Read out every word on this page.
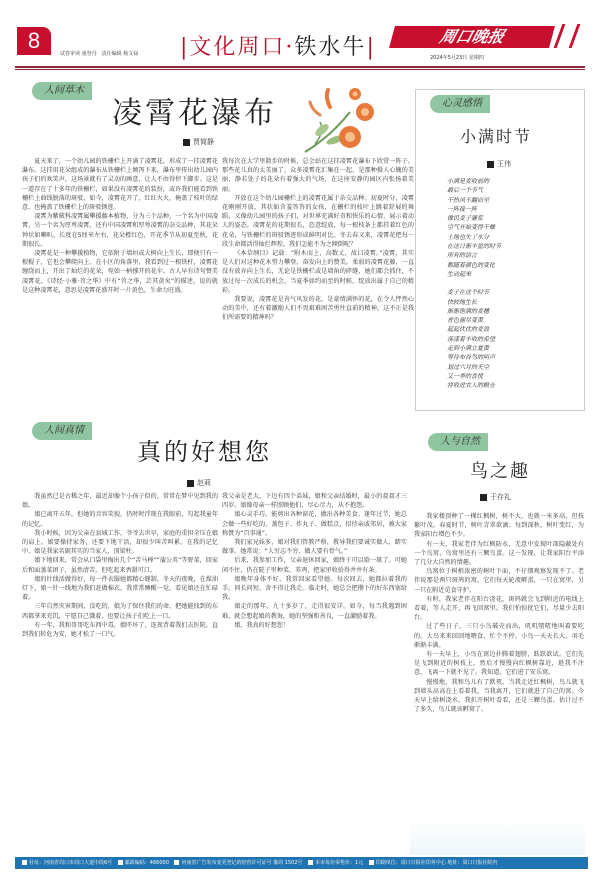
8
试卷审读 童登丹　责任编辑 杨文禄 |文化周口·铁水牛|	周口晚报
2024年5月23日 星期四
人间草木
凌霄花瀑布
贾简静

夏天来了，一个幼儿园的铁栅栏上开满了凌霄花，形成了一挂凌霄花瀑布。这挂用花朵组成的瀑布从铁栅栏上倾泻下来，瀑布里传出幼儿园内孩子们的欢笑声，这场景就有了灵动的画意，让人不由得停下脚步。这是一道存在了十多年的铁栅栏，如果没有凌霄花的装扮，或许我们能看到铁栅栏上曲线脱落的斑驳，如今，凌霄花开了，红红火火，掩盖了枝叶的绿意，也掩盖了铁栅栏上的斑驳锈迹。

凌霄为紫葳科凌霄属攀援藤本植物，分为三个品种，一个名为中国凌霄，另一个名为厚萼凌霄，还有中国凌霄和厚萼凌霄的杂交品种，其花朵钟状如喇叭，长度在5厘米左右，花朵橙红色，开花季节从初夏至秋，花期很长。

凌霄花是一种攀援植物，它依附于墙垣或大树向上生长，即便只有一根棍子，它也会攀爬向上。在小区的角落里，我看到过一根铁杆，凌霄花缠绕而上，开出了灿烂的花朵，宛如一柄撑开的花伞。古人早有诗句赞美凌霄花，《诗经·小雅·苕之华》中有“苕之华，芸其黄矣”的描述，说的就是这种凌霄花，意思是凌霄花盛开时一片黄色，生命力旺盛。

我每次在大学里散步的时候，总会站在这挂凌霄花瀑布下欣赏一阵子。那些花儿真的太美丽了，众多凌霄花汇集在一起，是那种摄人心魄的美丽，静若处子的花朵有着强大的气场，在这座安静的园区内张扬着美丽。

开放在这个幼儿园栅栏上的凌霄花属于杂交品种。初夏时分，凌霄花刚刚开放，其状如含羞答答的女孩，在栅栏的枝叶上跳着舒展的舞蹈，又像幼儿园里的孩子们，对世界充满好奇和快乐的心情，展示着动人的姿态。凌霄花的花期很长，恣意绽放，每一根枝条上都挂着红色的花朵，与铁栅栏的斑驳锈迹形成鲜明对比。冬去春又来，凌霄花把每一段生命都活得灿烂辉煌，我们怎能不为之倾倒呢？

《本草纲目》记载：“附木而上，高数丈，故曰凌霄。”凌霄，其实是人们对这种花木努力攀登、奋发向上的赞美。柔弱的凌霄花藤，一直没有放弃向上生长，无论是铁栅栏或是墙角的碎缝，她们都会抓住，不放过每一次成长的机会，当夏季如约而至的时候，绽放出属于自己的精彩。

我要说，凌霄花是善气风发的花，是豪情满怀的花，在令人怦然心动的美中，还有着激励人们不畏艰难困苦勇往直前的精神，这不正是我们所需要的精神吗？

心灵感悟
小满时节
王伟
小满是麦收前的
最后一个节气
干热风不翻而至
一阵接一阵
像饥麦子灌浆
空气开始变得干燥
土地也失了水分
在这日渐丰盈的时节
所有的语言
都随着颜色的变化
生动起来
麦子在这个时节
快较地生长
渐渐饱满的麦穗
青色褪尽变黄
起起伏伏的麦浪
荡漾着丰收的希望
走到小满立夏黄
等待布谷鸟的叫声
划过六月的天空
又一季的喜悦
将收进农人的粮仓
人间真情
真的好想您
赵莉

我虽然已是古稀之年，最近却像个小孩子似的，常常在梦中见到我的娘。

娘已离开五年，但她的音容笑貌，仍时时浮现在我眼前，勾起我童年的记忆。

我小时候，因为父亲在县城工作，爷爷去世早，家庭的重担全压在娘的肩上。娘要操持家务，还要下地干活，却很少叫苦叫累。在我的记忆中，娘是我家名副其实的当家人，顶梁柱。

娘下地回来，常会从口袋里掏出几个“苦马棒”“蒲公英”等野菜，回家后和面蒸菜团子，虽然清苦，但吃起来香甜可口。

娘的针线活做得好，每一件衣服她都精心缝制。冬天的夜晚，在煤油灯下，娘一针一线地为我们赶做棉衣，我常常睡醒一觉，看见娘还在忙碌着。

三年自然灾害期间，没吃的，娘为了保住我们的命，把她能找到的东西都拿来充饥，宁愿自己饿着，也要让孩子们吃上一口。

有一年，我和哥哥吃东西中毒，娘吓坏了，连夜背着我们去医院，直到我们转危为安，她才松了一口气。

我父亲是老大，下边有四个弟妹，娘和父亲结婚时，最小的叔叔才三四岁。娘像母亲一样照顾他们，尽心尽力，从不抱怨。

娘心灵手巧，能剪出各种窗花，做出各种美食。逢年过节，她总会做一些好吃的，蒸包子、炸丸子、做糕点，招待亲戚邻居，被大家称赞为“百事通”。

我们家兄妹多，娘对我们管教严格，教导我们要诚实做人、踏实做事。她常说：“人穷志不穷，做人要有骨气。”

后来，我参加工作，父亲退休回家，娘终于可以歇一歇了。可她闲不住，仍在院子里种菜、养鸡，把家里收拾得井井有条。

娘晚年身体不好，我常回家看望她。每次回去，她都拉着我的手，问长问短，舍不得让我走。临走时，她总会把攒下的好东西塞给我。

娘走的那年，九十多岁了，走得很安详。如今，每当我遇到困难，就会想起娘的教诲，她的坚强和善良，一直激励着我。

娘，我真的好想您！

人与自然
鸟之趣
于存礼

我家楼顶种了一棵红枫树，树不大，也就一米多高，但枝繁叶茂。春夏时节，树叶青翠欲滴；每到深秋，树叶变红，为我家阳台增色不少。

有一天，我家老伴为红枫防水，无意中发现叶深隐蔽处有一个鸟窝，鸟窝里还有三颗鸟蛋。这一发现，让我家阳台平添了几分大自然的情趣。

鸟窝位于树梢浓密的树叶下面，不仔细观察发现不了。老伴说那是两只斑鸠的窝，它们每天轮流孵蛋，一只在窝里，另一只在附近觅食守护。

有时，我家老伴在阳台浇花，斑鸠就会飞到附近的电线上看着，等人走开，再飞回窝里。我们怕惊扰它们，尽量少去阳台。

过了些日子，三只小鸟破壳而出，叽叽喳喳地叫着要吃的。大鸟来来回回地喂食，忙个不停。小鸟一天天长大，羽毛渐渐丰满。

有一天早上，小鸟在窝边扑腾着翅膀，跃跃欲试。它们先是飞到附近的树枝上，然后才慢慢向红枫树靠近，趁我不注意，飞离一下就不见了。我知道，它们进了安乐窝。

慢慢地，我和鸟儿有了默契，当我走近红枫树，鸟儿就飞到墙头高高在上看着我，当我离开，它们就进了自己的窝。今天早上给树浇水，我扒开树叶看看，还是三颗鸟蛋。估计过不了多久，鸟儿就该孵窝了。

社址：河南省周口市周口大道中段6号	邮政编码：466000	河南省广告发布变更登记的经营许可证号 豫周 1502号	本市每份零售价：1元	印刷单位：周口日报社印务中心 地址：周口日报社院内
